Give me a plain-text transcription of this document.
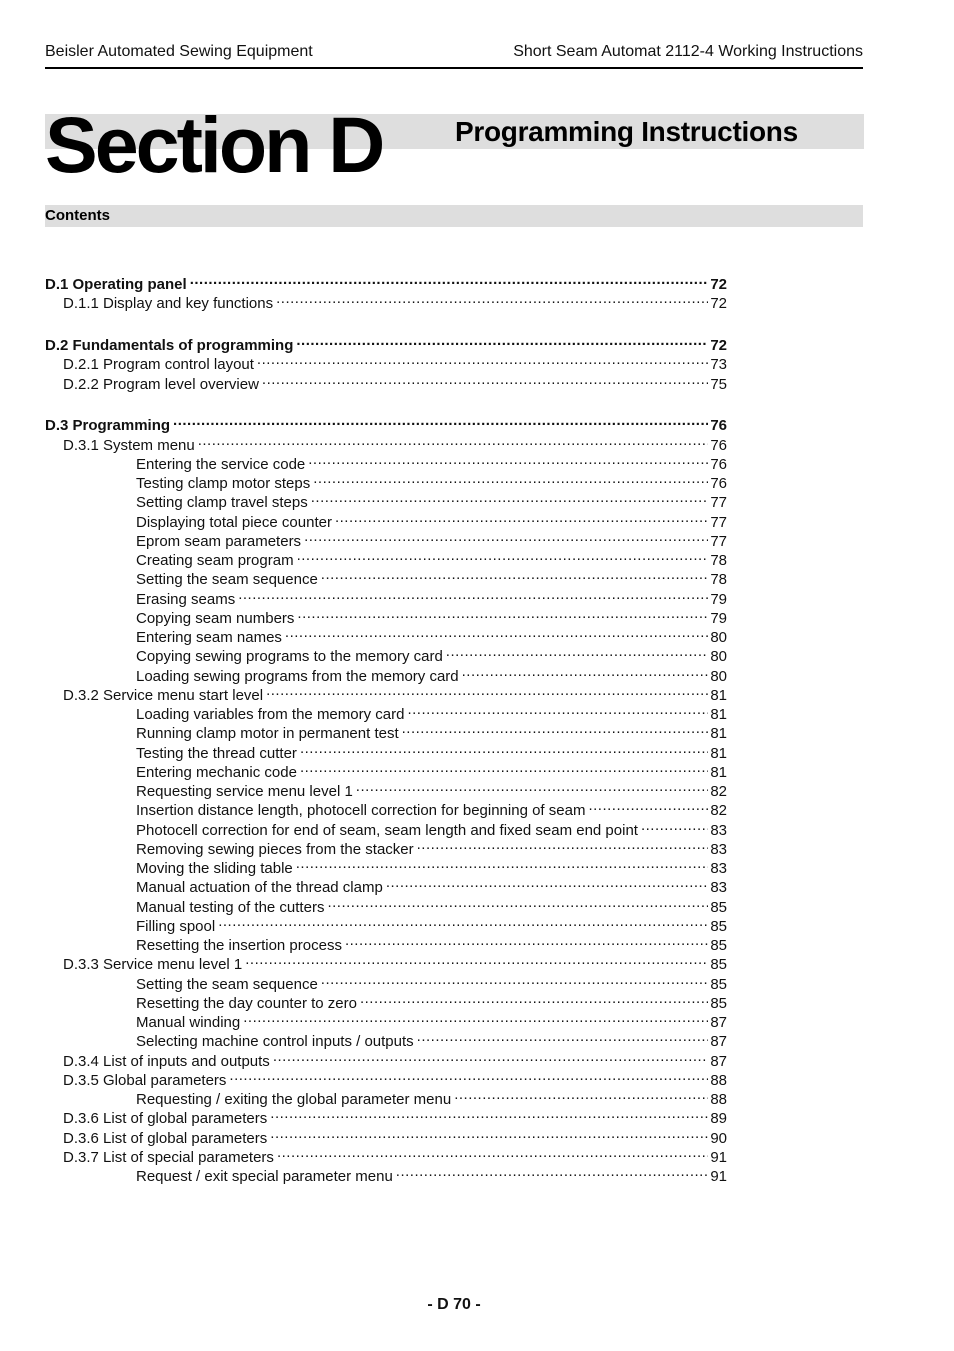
Beisler Automated Sewing Equipment	Short Seam Automat 2112-4 Working Instructions
Section D	Programming Instructions
Contents
D.1 Operating panel .....	72
D.1.1 Display and key functions .....	72
D.2 Fundamentals of programming .....	72
D.2.1 Program control layout .....	73
D.2.2 Program level overview .....	75
D.3 Programming .....	76
D.3.1 System menu .....	76
Entering the service code .....	76
Testing clamp motor steps .....	76
Setting clamp travel steps .....	77
Displaying total piece counter .....	77
Eprom seam parameters .....	77
Creating seam program .....	78
Setting the seam sequence .....	78
Erasing seams .....	79
Copying seam numbers .....	79
Entering seam names .....	80
Copying sewing programs to the memory card .....	80
Loading sewing programs from the memory card .....	80
D.3.2 Service menu start level .....	81
Loading variables from the memory card .....	81
Running clamp motor in permanent test .....	81
Testing the thread cutter .....	81
Entering mechanic code .....	81
Requesting service menu level 1 .....	82
Insertion distance length, photocell correction for beginning of seam .....	82
Photocell correction for end of seam, seam length and fixed seam end point .....	83
Removing sewing pieces from the stacker .....	83
Moving the sliding table .....	83
Manual actuation of the thread clamp .....	83
Manual testing of the cutters .....	85
Filling spool .....	85
Resetting the insertion process .....	85
D.3.3 Service menu level 1 .....	85
Setting the seam sequence .....	85
Resetting the day counter to zero .....	85
Manual winding .....	87
Selecting machine control inputs / outputs .....	87
D.3.4 List of inputs and outputs .....	87
D.3.5 Global parameters .....	88
Requesting / exiting the global parameter menu .....	88
D.3.6 List of global parameters .....	89
D.3.6 List of global parameters .....	90
D.3.7 List of special parameters .....	91
Request / exit special parameter menu .....	91
- D 70 -
